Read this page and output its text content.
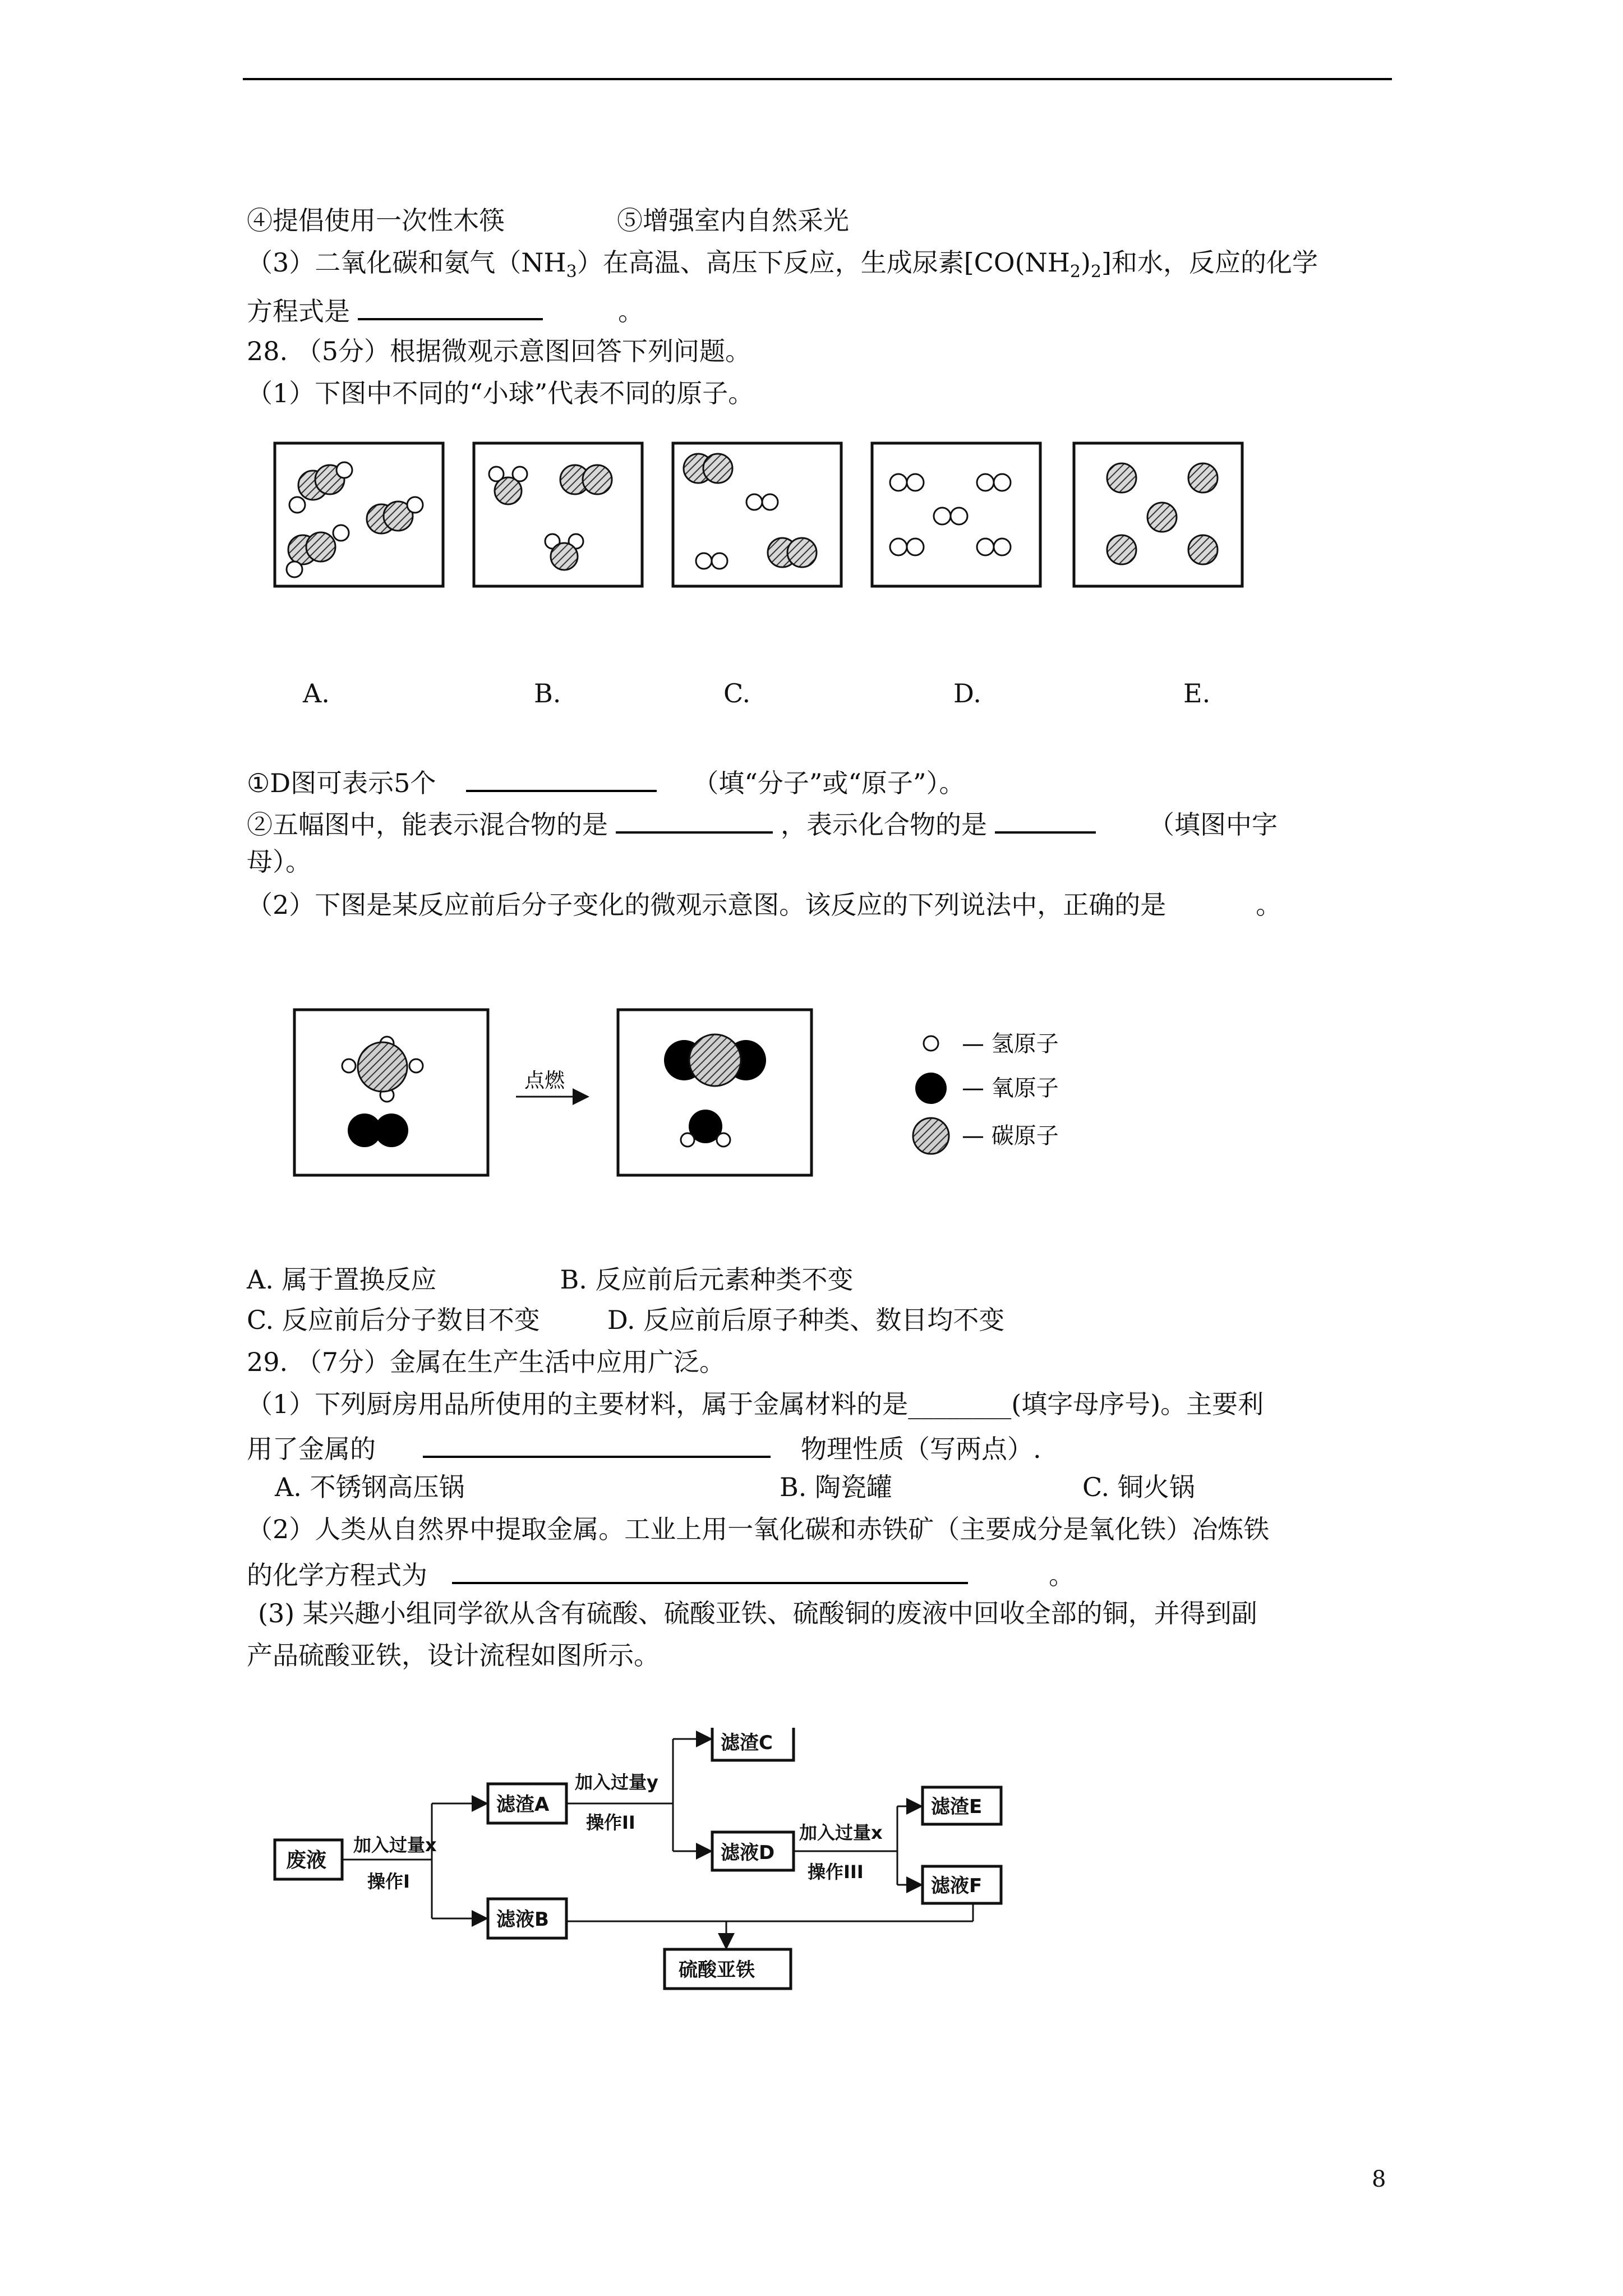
④提倡使用一次性木筷	⑤增强室内自然采光
（3）二氧化碳和氨气$(NH_3)$在高温、高压下反应，生成尿素$[CO(NH_2)_2]$和水，反应的化学
方程式是	。
28. （5分）根据微观示意图回答下列问题。
（1）下图中不同的“小球”代表不同的原子。
A.	B.	C.	D.	E.
①D图可表示5个	（填“分子”或“原子”）。
②五幅图中，能表示混合物的是	，表示化合物的是	（填图中字
母）。
（2）下图是某反应前后分子变化的微观示意图。该反应的下列说法中，正确的是	。
点燃
— 氢原子
— 氧原子
— 碳原子
A. 属于置换反应	B. 反应前后元素种类不变
C. 反应前后分子数目不变	D. 反应前后原子种类、数目均不变
29. （7分）金属在生产生活中应用广泛。
（1）下列厨房用品所使用的主要材料，属于金属材料的是________(填字母序号)。主要利
用了金属的	物理性质（写两点）.
A. 不锈钢高压锅	B. 陶瓷罐	C. 铜火锅
（2）人类从自然界中提取金属。工业上用一氧化碳和赤铁矿（主要成分是氧化铁）冶炼铁
的化学方程式为	。
(3) 某兴趣小组同学欲从含有硫酸、硫酸亚铁、硫酸铜的废液中回收全部的铜，并得到副
产品硫酸亚铁，设计流程如图所示。
废液
加入过量x
操作I
滤渣A
滤液B
加入过量y
操作II
滤渣C
滤液D
加入过量x
操作III
滤渣E
滤液F
硫酸亚铁
8
